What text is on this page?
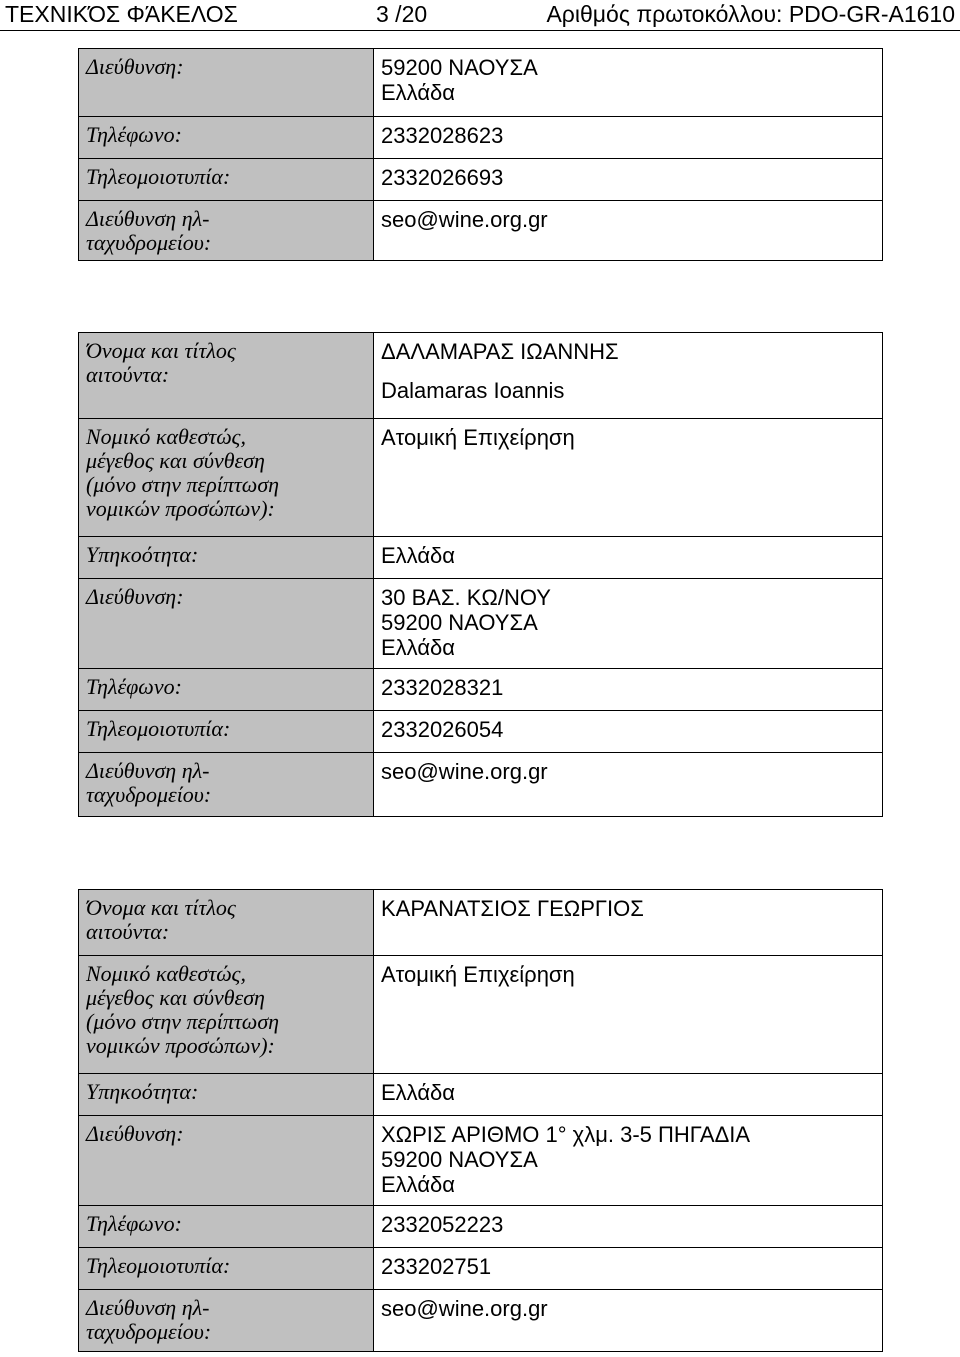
ΤΕΧΝΙΚΌΣ ΦΆΚΕΛΟΣ	3 /20	Αριθμός πρωτοκόλλου: PDO-GR-A1610
Διεύθυνση:	59200 ΝΑΟΥΣΑ
Ελλάδα

Τηλέφωνο:	2332028623
Τηλεομοιοτυπία:	2332026693

Διεύθυνση ηλ-
ταχυδρομείου:	seo@wine.org.gr
Όνομα και τίτλος
αιτούντα:	ΔΑΛΑΜΑΡΑΣ ΙΩΑΝΝΗΣ
Dalamaras Ioannis

Νομικό καθεστώς,
μέγεθος και σύνθεση
(μόνο στην περίπτωση
νομικών προσώπων):	Ατομική Επιχείρηση
Υπηκοότητα:	Ελλάδα
Διεύθυνση:	30 ΒΑΣ. ΚΩ/ΝΟΥ
59200 ΝΑΟΥΣΑ
Ελλάδα

Τηλέφωνο:	2332028321
Τηλεομοιοτυπία:	2332026054

Διεύθυνση ηλ-
ταχυδρομείου:	seo@wine.org.gr
Όνομα και τίτλος
αιτούντα:	ΚΑΡΑΝΑΤΣΙΟΣ ΓΕΩΡΓΙΟΣ

Νομικό καθεστώς,
μέγεθος και σύνθεση
(μόνο στην περίπτωση
νομικών προσώπων):	Ατομική Επιχείρηση
Υπηκοότητα:	Ελλάδα
Διεύθυνση:	ΧΩΡΙΣ ΑΡΙΘΜΟ 1° χλμ. 3-5 ΠΗΓΑΔΙΑ
59200 ΝΑΟΥΣΑ
Ελλάδα

Τηλέφωνο:	2332052223
Τηλεομοιοτυπία:	233202751

Διεύθυνση ηλ-
ταχυδρομείου:	seo@wine.org.gr
